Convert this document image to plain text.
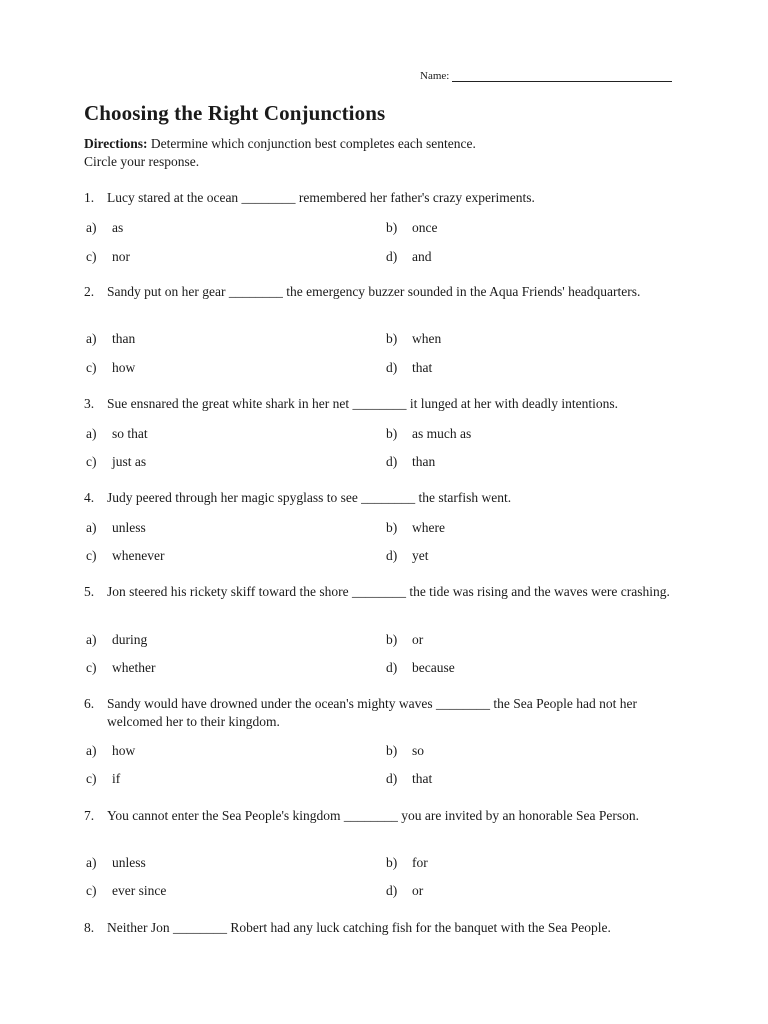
Name:
Choosing the Right Conjunctions
Directions: Determine which conjunction best completes each sentence.
Circle your response.
1. Lucy stared at the ocean ________ remembered her father's crazy experiments.
a) as	b) once
c) nor	d) and
2. Sandy put on her gear ________ the emergency buzzer sounded in the Aqua Friends' headquarters.
a) than	b) when
c) how	d) that
3. Sue ensnared the great white shark in her net ________ it lunged at her with deadly intentions.
a) so that	b) as much as
c) just as	d) than
4. Judy peered through her magic spyglass to see ________ the starfish went.
a) unless	b) where
c) whenever	d) yet
5. Jon steered his rickety skiff toward the shore ________ the tide was rising and the waves were crashing.
a) during	b) or
c) whether	d) because
6. Sandy would have drowned under the ocean's mighty waves ________ the Sea People had not her welcomed her to their kingdom.
a) how	b) so
c) if	d) that
7. You cannot enter the Sea People's kingdom ________ you are invited by an honorable Sea Person.
a) unless	b) for
c) ever since	d) or
8. Neither Jon ________ Robert had any luck catching fish for the banquet with the Sea People.
